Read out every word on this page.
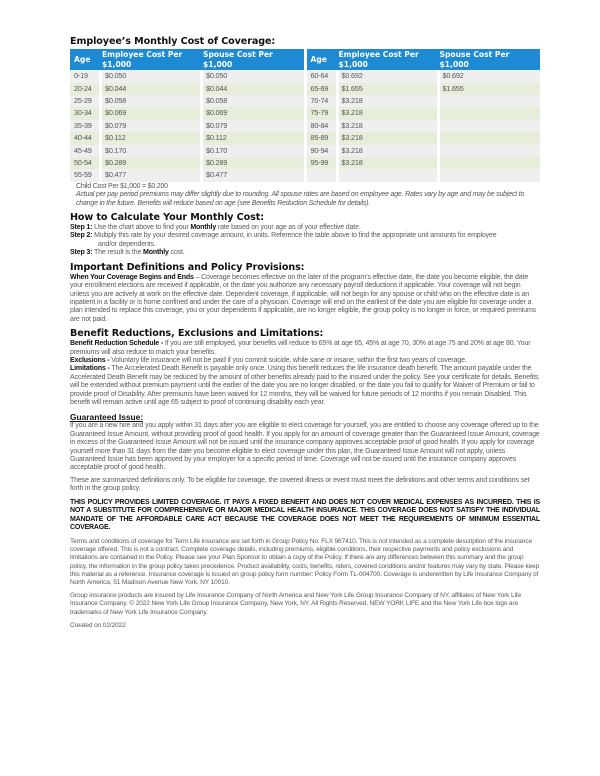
Employee’s Monthly Cost of Coverage:
Age	Employee Cost Per $1,000	Spouse Cost Per $1,000
0-19	$0.050	$0.050
20-24	$0.044	$0.044
25-29	$0.058	$0.058
30-34	$0.069	$0.069
35-39	$0.079	$0.079
40-44	$0.112	$0.112
45-49	$0.170	$0.170
50-54	$0.289	$0.289
55-59	$0.477	$0.477
Age	Employee Cost Per $1,000	Spouse Cost Per $1,000
60-64	$0.692	$0.692
65-69	$1.655	$1.655
70-74	$3.218	
75-79	$3.218	
80-84	$3.218	
85-89	$3.218	
90-94	$3.218	
95-99	$3.218	

Child Cost Per $1,000 = $0.200
Actual per pay period premiums may differ slightly due to rounding. All spouse rates are based on employee age. Rates vary by age and may be subject to change in the future. Benefits will reduce based on age (see Benefits Reduction Schedule for details).
How to Calculate Your Monthly Cost:

Step 1: Use the chart above to find your Monthly rate based on your age as of your effective date.

Step 2: Multiply this rate by your desired coverage amount, in units. Reference the table above to find the appropriate unit amounts for employee

and/or dependents.

Step 3: The result is the Monthly cost.

Important Definitions and Policy Provisions:

When Your Coverage Begins and Ends – Coverage becomes effective on the later of the program’s effective date, the date you become eligible, the date your enrollment elections are received if applicable, or the date you authorize any necessary payroll deductions if applicable. Your coverage will not begin unless you are actively at work on the effective date. Dependent coverage, if applicable, will not begin for any spouse or child who on the effective date is an inpatient in a facility or is home confined and under the care of a physician. Coverage will end on the earliest of the date you are eligible for coverage under a plan intended to replace this coverage, you or your dependents if applicable, are no longer eligible, the group policy is no longer in force, or required premiums are not paid.

Benefit Reductions, Exclusions and Limitations:

Benefit Reduction Schedule - If you are still employed, your benefits will reduce to 65% at age 65, 45% at age 70, 30% at age 75 and 20% at age 80. Your premiums will also reduce to match your benefits.

Exclusions - Voluntary life insurance will not be paid if you commit suicide, while sane or insane, within the first two years of coverage.

Limitations - The Accelerated Death Benefit is payable only once. Using this benefit reduces the life insurance death benefit. The amount payable under the Accelerated Death Benefit may be reduced by the amount of other benefits already paid to the insured under the policy. See your certificate for details. Benefits will be extended without premium payment until the earlier of the date you are no longer disabled, or the date you fail to qualify for Waiver of Premium or fail to provide proof of Disability. After premiums have been waived for 12 months, they will be waived for future periods of 12 months if you remain Disabled. This benefit will remain active until age 65 subject to proof of continuing disability each year.

Guaranteed Issue:

If you are a new hire and you apply within 31 days after you are eligible to elect coverage for yourself, you are entitled to choose any coverage offered up to the Guaranteed Issue Amount, without providing proof of good health. If you apply for an amount of coverage greater than the Guaranteed Issue Amount, coverage in excess of the Guaranteed Issue Amount will not be issued until the insurance company approves acceptable proof of good health. If you apply for coverage yourself more than 31 days from the date you become eligible to elect coverage under this plan, the Guaranteed Issue Amount will not apply, unless Guaranteed Issue has been approved by your employer for a specific period of time. Coverage will not be issued until the insurance company approves acceptable proof of good health.

These are summarized definitions only. To be eligible for coverage, the covered illness or event must meet the definitions and other terms and conditions set forth in the group policy.

THIS POLICY PROVIDES LIMITED COVERAGE. IT PAYS A FIXED BENEFIT AND DOES NOT COVER MEDICAL EXPENSES AS INCURRED. THIS IS NOT A SUBSTITUTE FOR COMPREHENSIVE OR MAJOR MEDICAL HEALTH INSURANCE. THIS COVERAGE DOES NOT SATISFY THE INDIVIDUAL MANDATE OF THE AFFORDABLE CARE ACT BECAUSE THE COVERAGE DOES NOT MEET THE REQUIREMENTS OF MINIMUM ESSENTIAL COVERAGE.

Terms and conditions of coverage for Term Life insurance are set forth in Group Policy No. FLX 967410. This is not intended as a complete description of the insurance coverage offered. This is not a contract. Complete coverage details, including premiums, eligible conditions, their respective payments and policy exclusions and limitations are contained in the Policy. Please see your Plan Sponsor to obtain a copy of the Policy. If there are any differences between this summary and the group policy, the information in the group policy takes precedence. Product availability, costs, benefits, riders, covered conditions and/or features may vary by state. Please keep this material as a reference. Insurance coverage is issued on group policy form number: Policy Form TL-004700. Coverage is underwritten by Life Insurance Company of North America, 51 Madison Avenue New York, NY 10010.

Group insurance products are insured by Life Insurance Company of North America and New York Life Group Insurance Company of NY, affiliates of New York Life Insurance Company. © 2022 New York Life Group Insurance Company, New York, NY. All Rights Reserved. NEW YORK LIFE and the New York Life box logo are trademarks of New York Life Insurance Company.

Created on 02/2022
